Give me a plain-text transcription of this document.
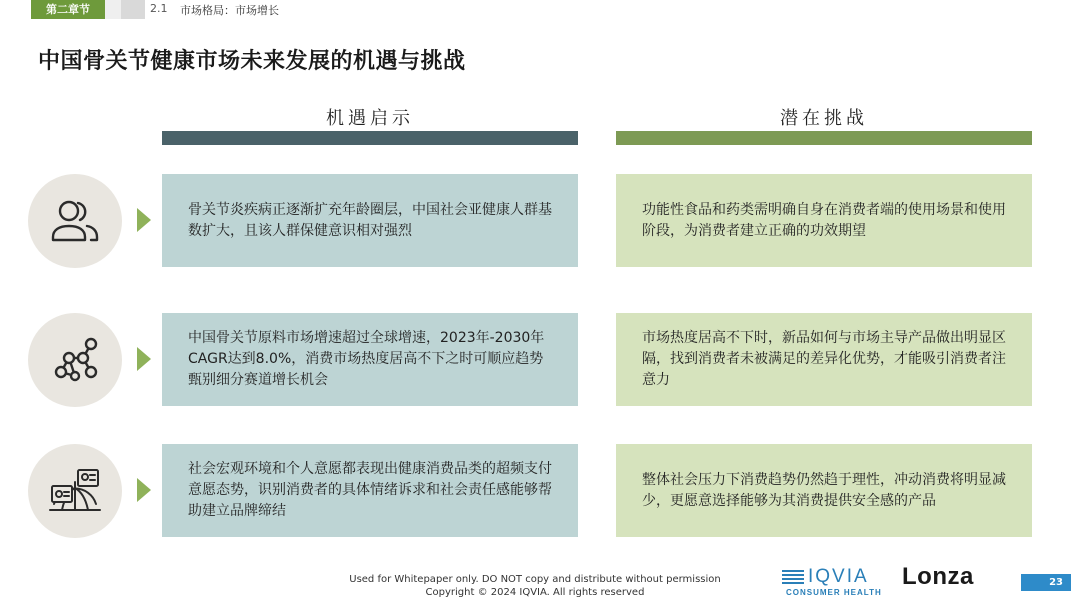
第二章节	2.1 市场格局：市场增长
中国骨关节健康市场未来发展的机遇与挑战
机遇启示	潜在挑战
骨关节炎疾病正逐渐扩充年龄圈层，中国社会亚健康人群基数扩大，且该人群保健意识相对强烈
功能性食品和药类需明确自身在消费者端的使用场景和使用阶段，为消费者建立正确的功效期望
中国骨关节原料市场增速超过全球增速，2023年-2030年CAGR达到8.0%，消费市场热度居高不下之时可顺应趋势甄别细分赛道增长机会
市场热度居高不下时，新品如何与市场主导产品做出明显区隔，找到消费者未被满足的差异化优势，才能吸引消费者注意力
社会宏观环境和个人意愿都表现出健康消费品类的超频支付意愿态势，识别消费者的具体情绪诉求和社会责任感能够帮助建立品牌缔结
整体社会压力下消费趋势仍然趋于理性，冲动消费将明显减少，更愿意选择能够为其消费提供安全感的产品
Used for Whitepaper only. DO NOT copy and distribute without permission
Copyright © 2024 IQVIA. All rights reserved
IQVIA
CONSUMER HEALTH
Lonza	23
